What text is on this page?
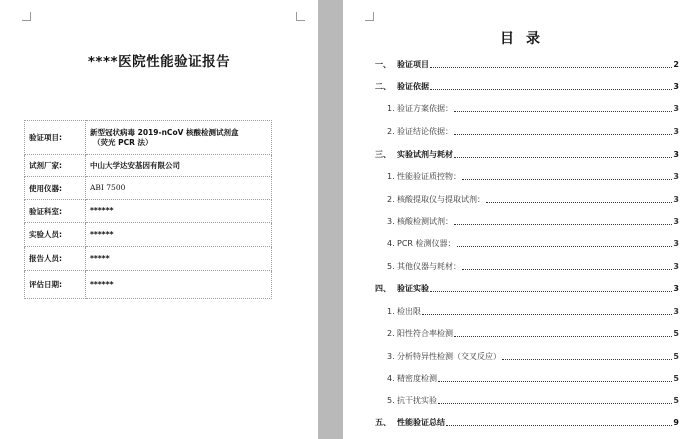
****医院性能验证报告
验证项目:	新型冠状病毒 2019-nCoV 核酸检测试剂盒
（荧光 PCR 法）

试剂厂家:	中山大学达安基因有限公司

使用仪器:	ABI 7500

验证科室:	******

实验人员:	******

报告人员:	*****

评估日期:	******
目 录
一、 验证项目	2
二、 验证依据	3
1. 验证方案依据：	3
2. 验证结论依据：	3
三、 实验试剂与耗材	3
1. 性能验证质控物：	3
2. 核酸提取仪与提取试剂：	3
3. 核酸检测试剂：	3
4. PCR 检测仪器：	3
5. 其他仪器与耗材：	3
四、 验证实验	3
1. 检出限	3
2. 阳性符合率检测	5
3. 分析特异性检测（交叉反应）	5
4. 精密度检测	5
5. 抗干扰实验	5
五、 性能验证总结	9
